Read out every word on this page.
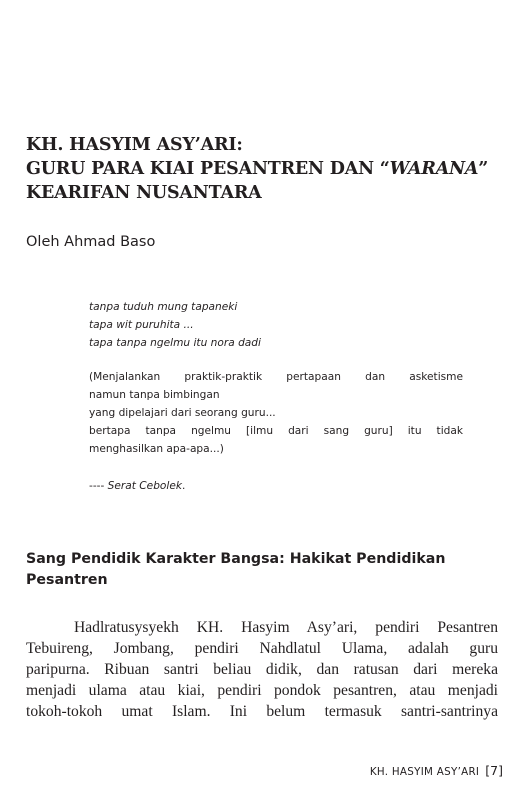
KH. HASYIM ASY’ARI:
GURU PARA KIAI PESANTREN DAN “WARANA”
KEARIFAN NUSANTARA
Oleh Ahmad Baso
tanpa tuduh mung tapaneki
tapa wit puruhita ...
tapa tanpa ngelmu itu nora dadi
(Menjalankan praktik-praktik pertapaan dan asketisme
namun tanpa bimbingan
yang dipelajari dari seorang guru...
bertapa tanpa ngelmu [ilmu dari sang guru] itu tidak
menghasilkan apa-apa...)
---- Serat Cebolek.
Sang Pendidik Karakter Bangsa: Hakikat Pendidikan
Pesantren
Hadlratusysyekh KH. Hasyim Asy’ari, pendiri Pesantren
Tebuireng, Jombang, pendiri Nahdlatul Ulama, adalah guru
paripurna. Ribuan santri beliau didik, dan ratusan dari mereka
menjadi ulama atau kiai, pendiri pondok pesantren, atau menjadi
tokoh-tokoh umat Islam. Ini belum termasuk santri-santrinya
KH. HASYIM ASY’ARI [7]
